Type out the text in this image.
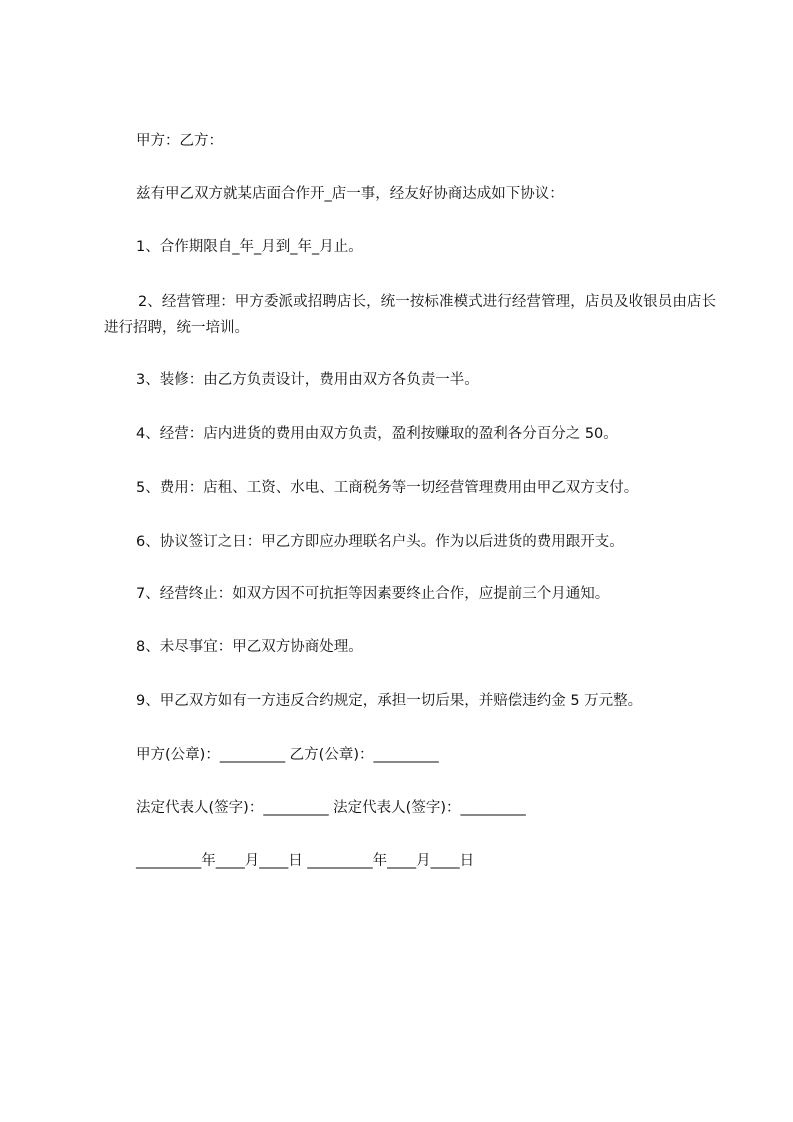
甲方：乙方：

兹有甲乙双方就某店面合作开_店一事，经友好协商达成如下协议：

1、合作期限自_年_月到_年_月止。

2、经营管理：甲方委派或招聘店长，统一按标准模式进行经营管理，店员及收银员由店长进行招聘，统一培训。

3、装修：由乙方负责设计，费用由双方各负责一半。

4、经营：店内进货的费用由双方负责，盈利按赚取的盈利各分百分之 50。

5、费用：店租、工资、水电、工商税务等一切经营管理费用由甲乙双方支付。

6、协议签订之日：甲乙方即应办理联名户头。作为以后进货的费用跟开支。

7、经营终止：如双方因不可抗拒等因素要终止合作，应提前三个月通知。

8、未尽事宜：甲乙双方协商处理。

9、甲乙双方如有一方违反合约规定，承担一切后果，并赔偿违约金 5 万元整。

甲方(公章)：_________ 乙方(公章)：_________

法定代表人(签字)：_________ 法定代表人(签字)：_________

_________年____月____日 _________年____月____日
